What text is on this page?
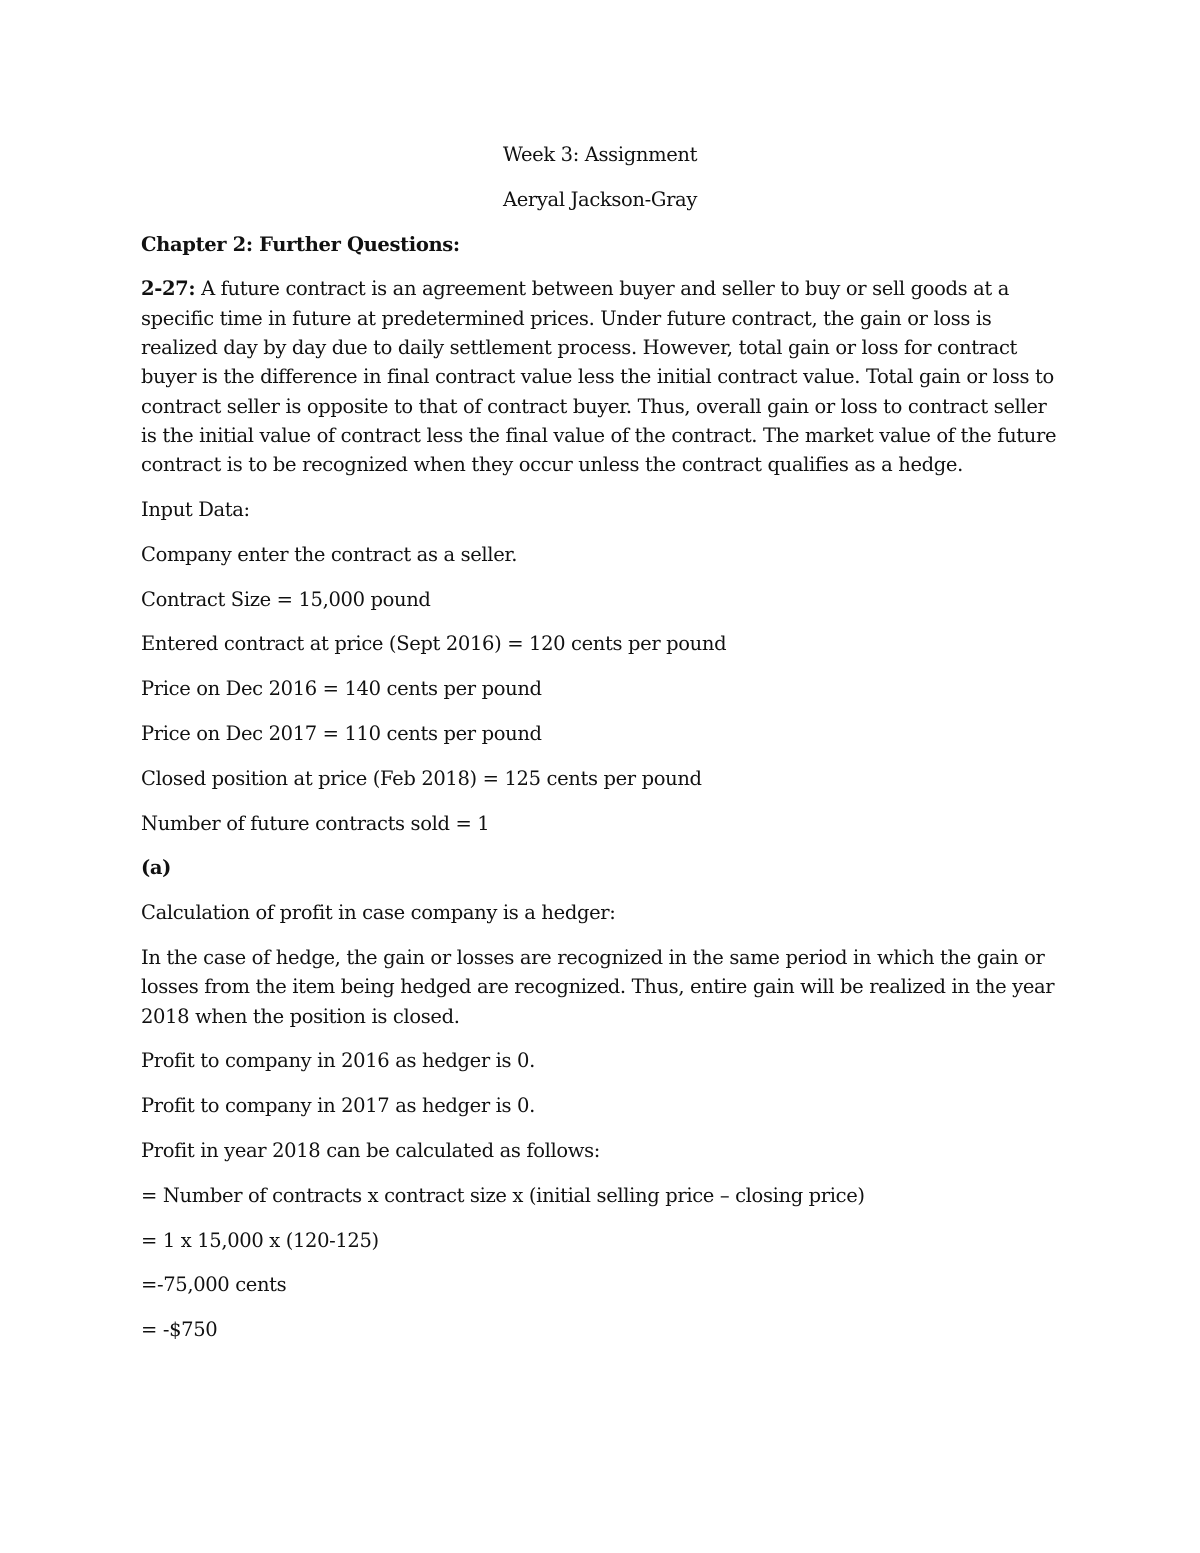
Week 3: Assignment

Aeryal Jackson-Gray

Chapter 2: Further Questions:

2-27: A future contract is an agreement between buyer and seller to buy or sell goods at a specific time in future at predetermined prices. Under future contract, the gain or loss is realized day by day due to daily settlement process. However, total gain or loss for contract buyer is the difference in final contract value less the initial contract value. Total gain or loss to contract seller is opposite to that of contract buyer. Thus, overall gain or loss to contract seller is the initial value of contract less the final value of the contract. The market value of the future contract is to be recognized when they occur unless the contract qualifies as a hedge.

Input Data:

Company enter the contract as a seller.

Contract Size = 15,000 pound

Entered contract at price (Sept 2016) = 120 cents per pound

Price on Dec 2016 = 140 cents per pound

Price on Dec 2017 = 110 cents per pound

Closed position at price (Feb 2018) = 125 cents per pound

Number of future contracts sold = 1

(a)

Calculation of profit in case company is a hedger:

In the case of hedge, the gain or losses are recognized in the same period in which the gain or losses from the item being hedged are recognized. Thus, entire gain will be realized in the year 2018 when the position is closed.

Profit to company in 2016 as hedger is 0.

Profit to company in 2017 as hedger is 0.

Profit in year 2018 can be calculated as follows:

= Number of contracts x contract size x (initial selling price – closing price)

= 1 x 15,000 x (120-125)

=-75,000 cents

= -$750
